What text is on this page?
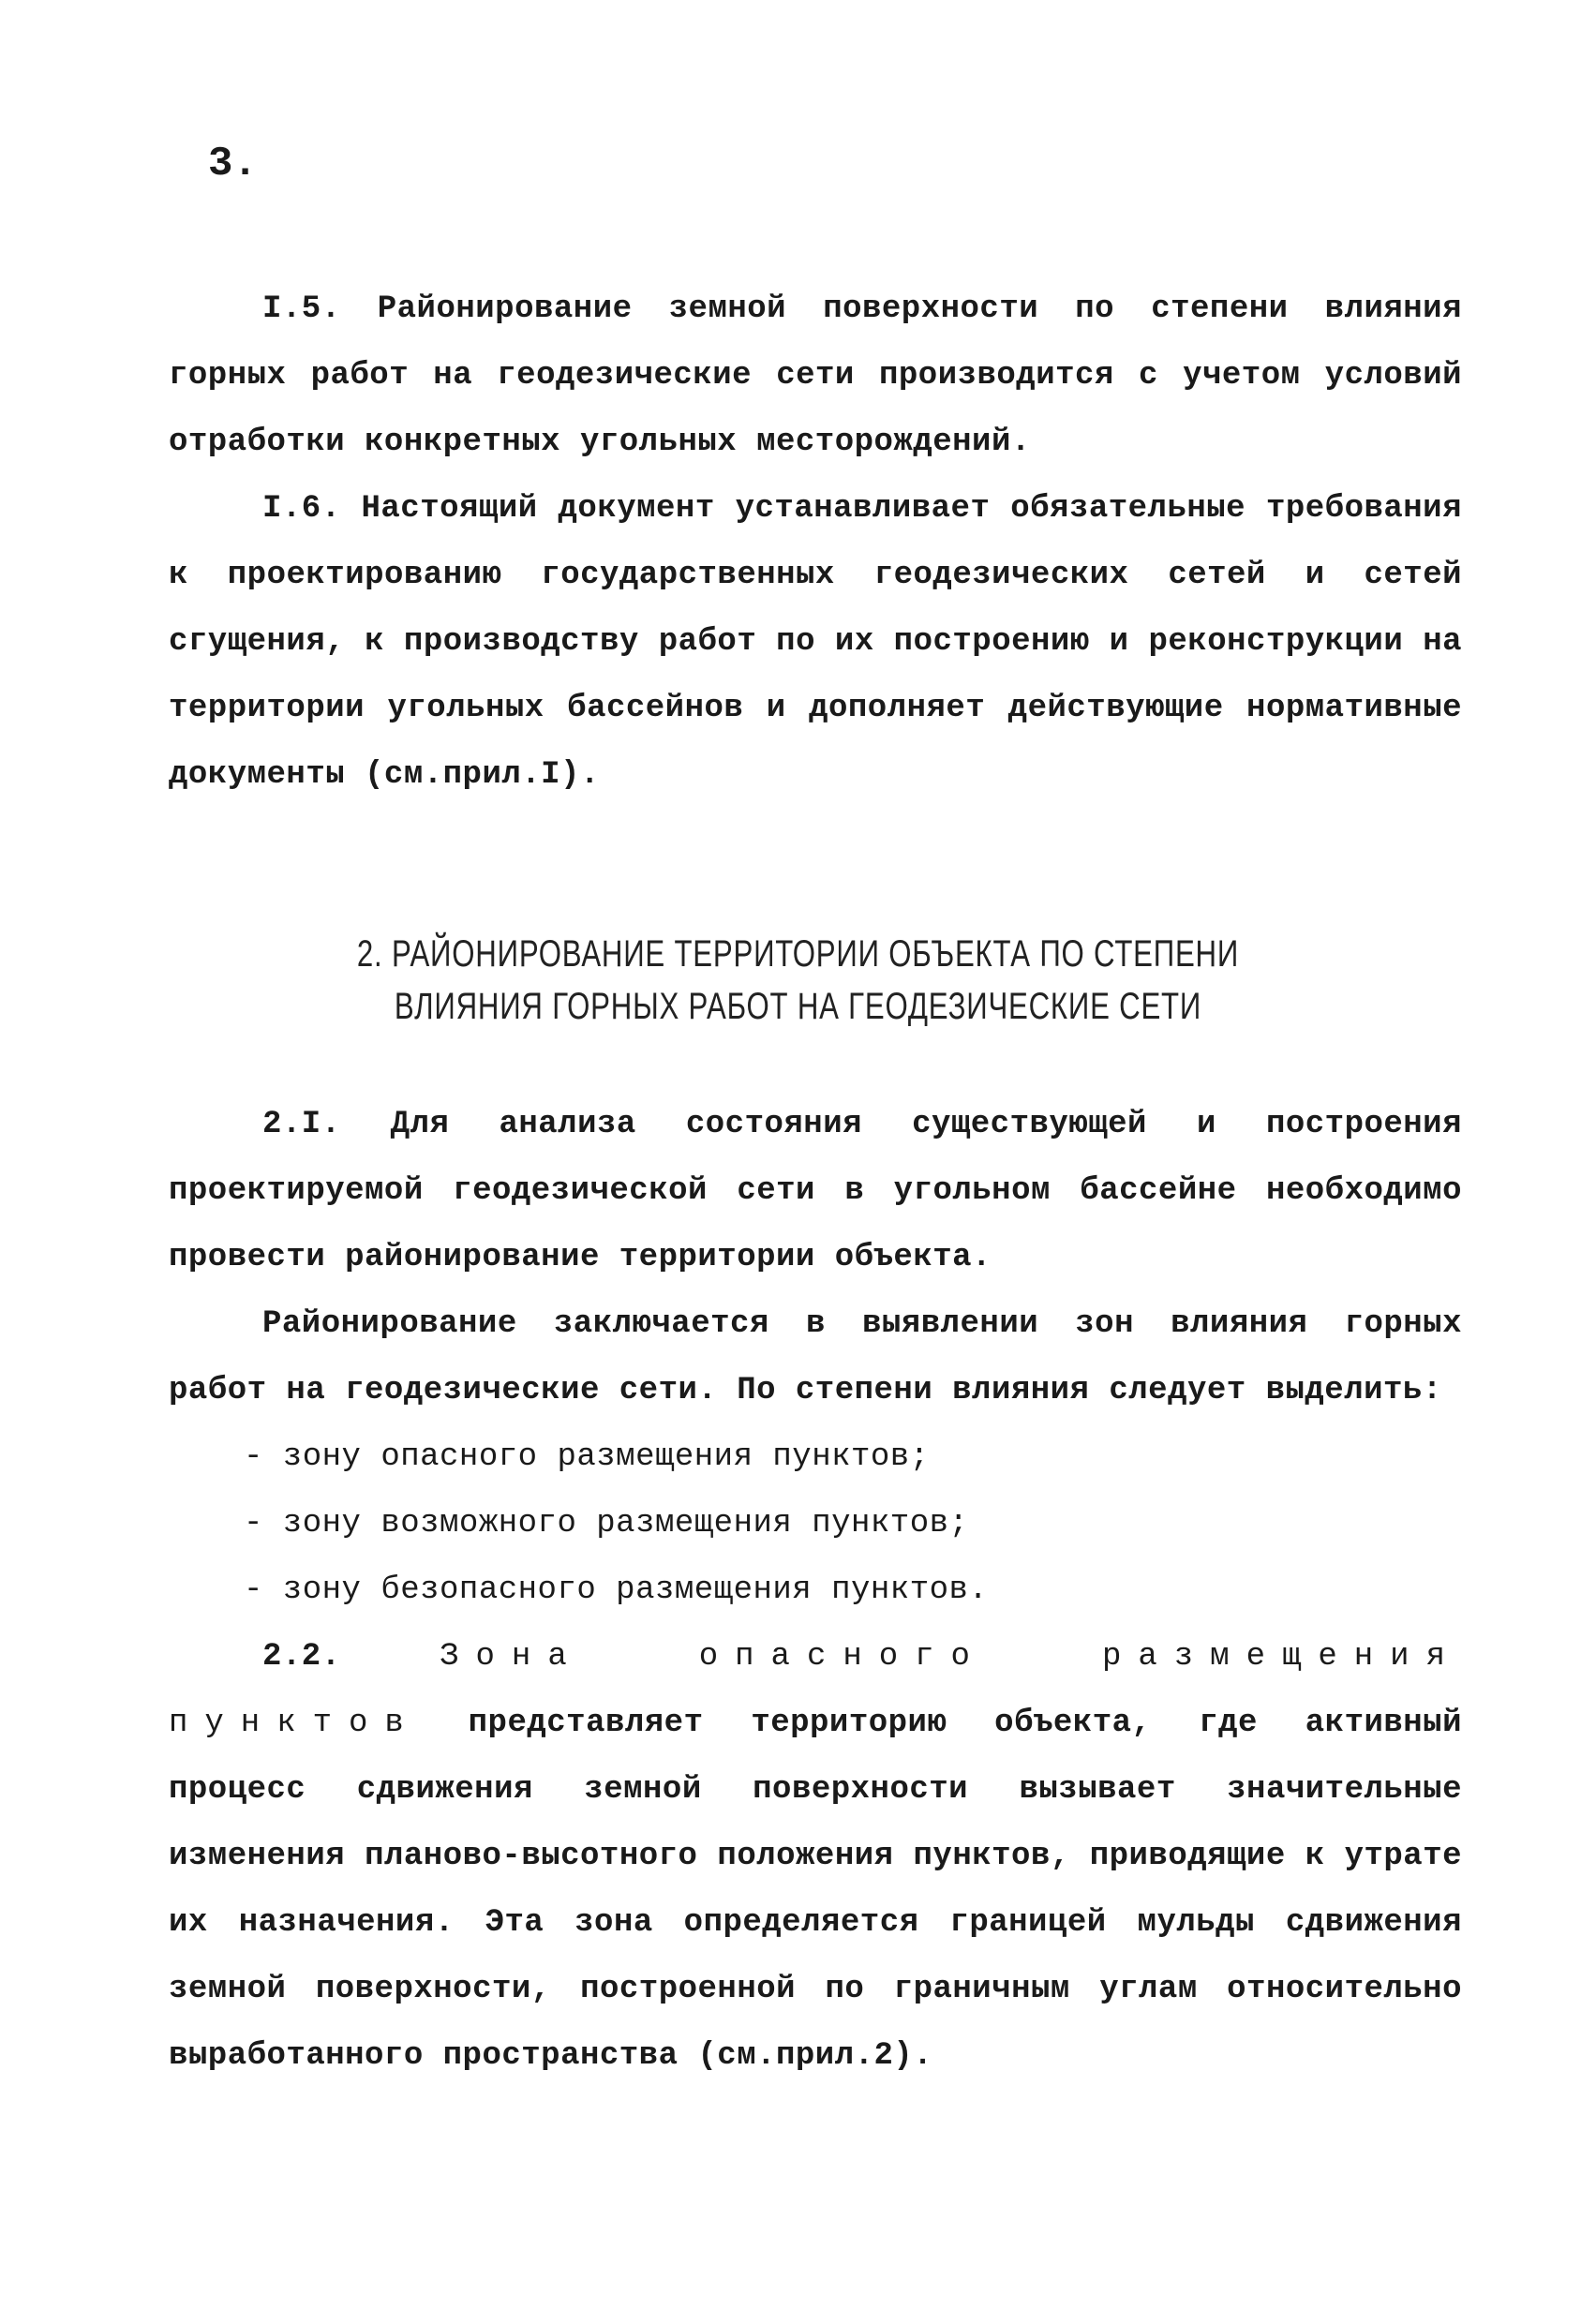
3.

I.5. Районирование земной поверхности по степени влияния горных работ на геодезические сети производится с учетом условий отработки конкретных угольных месторождений.

I.6. Настоящий документ устанавливает обязательные требования к проектированию государственных геодезических сетей и сетей сгущения, к производству работ по их построению и реконструкции на территории угольных бассейнов и дополняет действующие нормативные документы (см.прил.I).

2. РАЙОНИРОВАНИЕ ТЕРРИТОРИИ ОБЪЕКТА ПО СТЕПЕНИ
ВЛИЯНИЯ ГОРНЫХ РАБОТ НА ГЕОДЕЗИЧЕСКИЕ СЕТИ

2.I. Для анализа состояния существующей и построения проектируемой геодезической сети в угольном бассейне необходимо провести районирование территории объекта.

Районирование заключается в выявлении зон влияния горных работ на геодезические сети. По степени влияния следует выделить:

- зону опасного размещения пунктов;

- зону возможного размещения пунктов;

- зону безопасного размещения пунктов.

2.2.	Зона опасного размещения пунктов представляет территорию объекта, где активный процесс сдвижения земной поверхности вызывает значительные изменения планово-высотного положения пунктов, приводящие к утрате их назначения. Эта зона определяется границей мульды сдвижения земной поверхности, построенной по граничным углам относительно выработанного пространства (см.прил.2).
